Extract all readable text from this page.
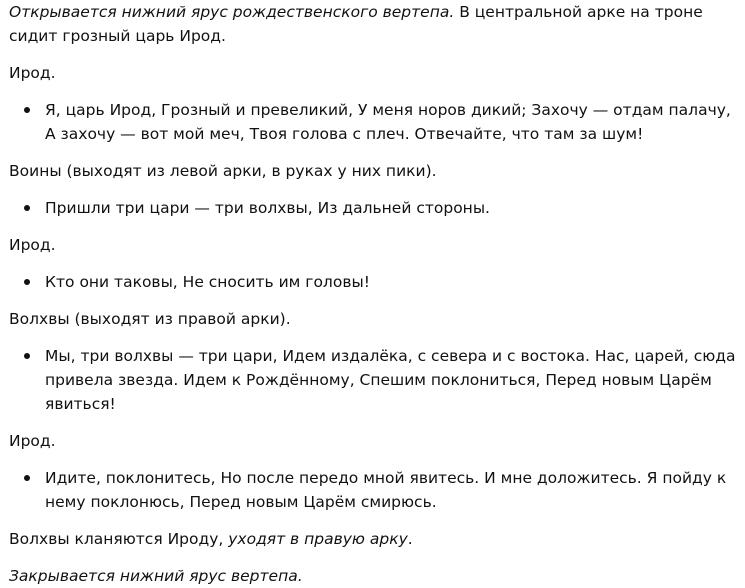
Открывается нижний ярус рождественского вертепа. В центральной арке на троне сидит грозный царь Ирод.

Ирод.

Я, царь Ирод, Грозный и превеликий, У меня норов дикий; Захочу — отдам палачу, А захочу — вот мой меч, Твоя голова с плеч. Отвечайте, что там за шум!

Воины (выходят из левой арки, в руках у них пики).

Пришли три цари — три волхвы, Из дальней стороны.

Ирод.

Кто они таковы, Не сносить им головы!

Волхвы (выходят из правой арки).

Мы, три волхвы — три цари, Идем издалёка, с севера и с востока. Нас, царей, сюда привела звезда. Идем к Рождённому, Спешим поклониться, Перед новым Царём явиться!

Ирод.

Идите, поклонитесь, Но после передо мной явитесь. И мне доложитесь. Я пойду к нему поклонюсь, Перед новым Царём смирюсь.

Волхвы кланяются Ироду, уходят в правую арку.

Закрывается нижний ярус вертепа.
